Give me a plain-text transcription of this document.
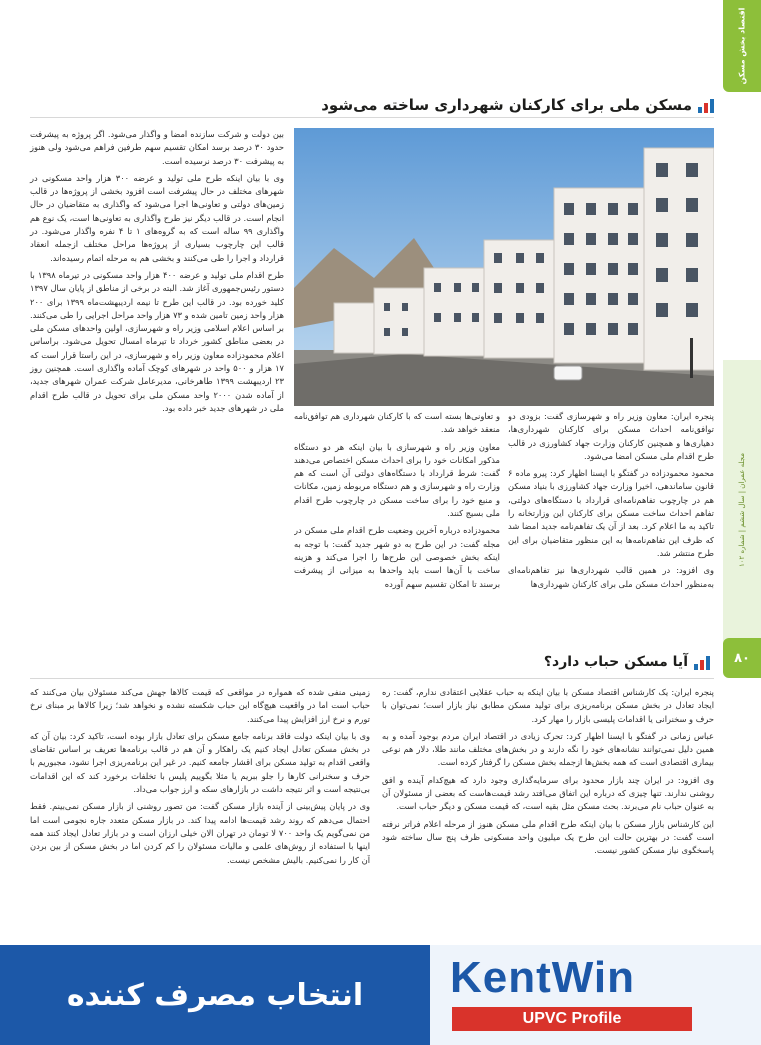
اقتصاد بخش مسکن
مجله عمران | سال ششم | شماره ۱۰۲
۸۰
مسکن ملی برای کارکنان شهرداری ساخته می‌شود

بین دولت و شرکت سازنده امضا و واگذار می‌شود. اگر پروژه به پیشرفت حدود ۳۰ درصد برسد امکان تقسیم سهم طرفین فراهم می‌شود ولی هنوز به پیشرفت ۳۰ درصد نرسیده است.

وی با بیان اینکه طرح ملی تولید و عرضه ۳۰۰ هزار واحد مسکونی در شهر‌های مختلف در حال پیشرفت است افزود بخشی از پروژه‌ها در قالب زمین‌های دولتی و تعاونی‌ها اجرا می‌شود که واگذاری به متقاضیان در حال انجام است. در قالب دیگر نیز طرح واگذاری به تعاونی‌ها است، یک نوع هم واگذاری ۹۹ ساله است که به گروه‌های ۱ تا ۴ نفره واگذار می‌شود. در قالب این چارچوب بسیاری از پروژه‌ها مراحل مختلف ازجمله انعقاد قرارداد و اجرا را طی می‌کنند و بخشی هم به مرحله اتمام رسیده‌اند.

طرح اقدام ملی تولید و عرضه ۴۰۰ هزار واحد مسکونی در تیرماه ۱۳۹۸ با دستور رئیس‌جمهوری آغاز شد. البته در برخی از مناطق از پایان سال ۱۳۹۷ کلید خورده بود. در قالب این طرح تا نیمه اردیبهشت‌ماه ۱۳۹۹ برای ۲۰۰ هزار واحد زمین تامین شده و ۷۳ هزار واحد مراحل اجرایی را طی می‌کنند. بر اساس اعلام اسلامی وزیر راه و شهرسازی، اولین واحدهای مسکن ملی در بعضی مناطق کشور خرداد تا تیرماه امسال تحویل می‌شود. براساس اعلام محمودزاده معاون وزیر راه و شهرسازی، در این راستا قرار است که ۱۷ هزار و ۵۰۰ واحد در شهرهای کوچک آماده واگذاری است. همچنین روز ۲۳ اردیبهشت ۱۳۹۹ طاهرخانی، مدیرعامل شرکت عمران شهرهای جدید، از آماده شدن ۲۰۰۰ واحد مسکن ملی برای تحویل در قالب طرح اقدام ملی در شهرهای جدید خبر داده بود.

پنجره ایران: معاون وزیر راه و شهرسازی گفت: بزودی دو توافق‌نامه احداث مسکن برای کارکنان شهرداری‌ها، دهیاری‌ها و همچنین کارکنان وزارت جهاد کشاورزی در قالب طرح اقدام ملی مسکن امضا می‌شود.

محمود محمودزاده در گفتگو با ایسنا اظهار کرد: پیرو ماده ۶ قانون ساماندهی، اخیرا وزارت جهاد کشاورزی با بنیاد مسکن هم در چارچوب تفاهم‌نامه‌ای قرارداد با دستگاه‌های دولتی، تفاهم احداث ساخت مسکن برای کارکنان این وزارتخانه را تاکید به ما اعلام کرد. بعد از آن یک تفاهم‌نامه جدید امضا شد که ظرف این تفاهم‌نامه‌ها به این منظور متقاضیان برای این طرح منتشر شد.

وی افزود: در همین قالب شهرداری‌ها نیز تفاهم‌نامه‌ای به‌منظور احداث مسکن ملی برای کارکنان شهرداری‌ها

و تعاونی‌ها بسته است که با کارکنان شهرداری هم توافق‌نامه منعقد خواهد شد.

معاون وزیر راه و شهرسازی با بیان اینکه هر دو دستگاه مذکور امکانات خود را برای احداث مسکن اختصاص می‌دهند گفت: شرط قرارداد با دستگاه‌های دولتی آن است که هم وزارت راه و شهرسازی و هم دستگاه مربوطه زمین، مکانات و منبع خود را برای ساخت مسکن در چارچوب طرح اقدام ملی بسیج کنند.

محمودزاده درباره آخرین وضعیت طرح اقدام ملی مسکن در مجله گفت: در این طرح به دو شهر جدید گفت: با توجه به اینکه بخش خصوصی این طرح‌ها را اجرا می‌کند و هزینه ساخت با آن‌ها است باید واحدها به میزانی از پیشرفت برسند تا امکان تقسیم سهم آورده

آیا مسکن حباب دارد؟

پنجره ایران: یک کارشناس اقتصاد مسکن با بیان اینکه به حباب عقلایی اعتقادی ندارم، گفت: ره ایجاد تعادل در بخش مسکن برنامه‌ریزی برای تولید مسکن مطابق نیاز بازار است؛ نمی‌توان با حرف و سخنرانی یا اقدامات پلیسی بازار را مهار کرد.

عباس زمانی در گفتگو با ایسنا اظهار کرد: تحرک زیادی در اقتصاد ایران مردم بوجود آمده و به همین دلیل نمی‌توانند نشانه‌های خود را نگه دارند و در بخش‌های مختلف مانند طلا، دلار هم نوعی بیماری اقتصادی است که همه بخش‌ها ازجمله بخش مسکن را گرفتار کرده است.

وی افزود: در ایران چند بازار محدود برای سرمایه‌گذاری وجود دارد که هیچ‌کدام آینده و افق روشنی ندارند. تنها چیزی که درباره این اتفاق می‌افتد رشد قیمت‌هاست که بعضی از مسئولان آن به عنوان حباب نام می‌برند. بحث مسکن مثل بقیه است، که قیمت مسکن و دیگر حباب است.

این کارشناس بازار مسکن با بیان اینکه طرح اقدام ملی مسکن هنوز از مرحله اعلام فراتر نرفته است گفت: در بهترین حالت این طرح یک میلیون واحد مسکونی ظرف پنج سال ساخته شود پاسخگوی نیاز مسکن کشور نیست.

زمینی منفی شده که همواره در مواقعی که قیمت کالاها جهش می‌کند مسئولان بیان می‌کنند که حباب است اما در واقعیت هیچ‌گاه این حباب شکسته نشده و نخواهد شد؛ زیرا کالاها بر مبنای نرخ تورم و نرخ ارز افزایش پیدا می‌کنند.

وی با بیان اینکه دولت فاقد برنامه جامع مسکن برای تعادل بازار بوده است، تاکید کرد: بیان آن که در بخش مسکن تعادل ایجاد کنیم یک راهکار و آن هم در قالب برنامه‌ها تعریف بر اساس تقاضای واقعی اقدام به تولید مسکن برای اقشار جامعه کنیم. در غیر این برنامه‌ریزی اجرا نشود، مجبوریم با حرف و سخنرانی کارها را جلو ببریم یا مثلا بگوییم پلیس با تخلفات برخورد کند که این اقدامات بی‌نتیجه است و اثر نتیجه داشت در بازارهای سکه و ارز جواب می‌داد.

وی در پایان پیش‌بینی از آینده بازار مسکن گفت: من تصور روشنی از بازار مسکن نمی‌بینم. فقط احتمال می‌دهم که روند رشد قیمت‌ها ادامه پیدا کند. در بازار مسکن متعدد جاره نجومی است اما من نمی‌گویم یک واحد ۷۰۰ لا تومان در تهران الان خیلی ارزان است و در بازار تعادل ایجاد کنند همه اینها با استفاده از روش‌های علمی و مالیات مسئولان را کم کردن اما در بخش مسکن از بین بردن آن کار را نمی‌کنیم. بالیش مشخص نیست.

انتخاب مصرف کننده KentWin
UPVC Profile
